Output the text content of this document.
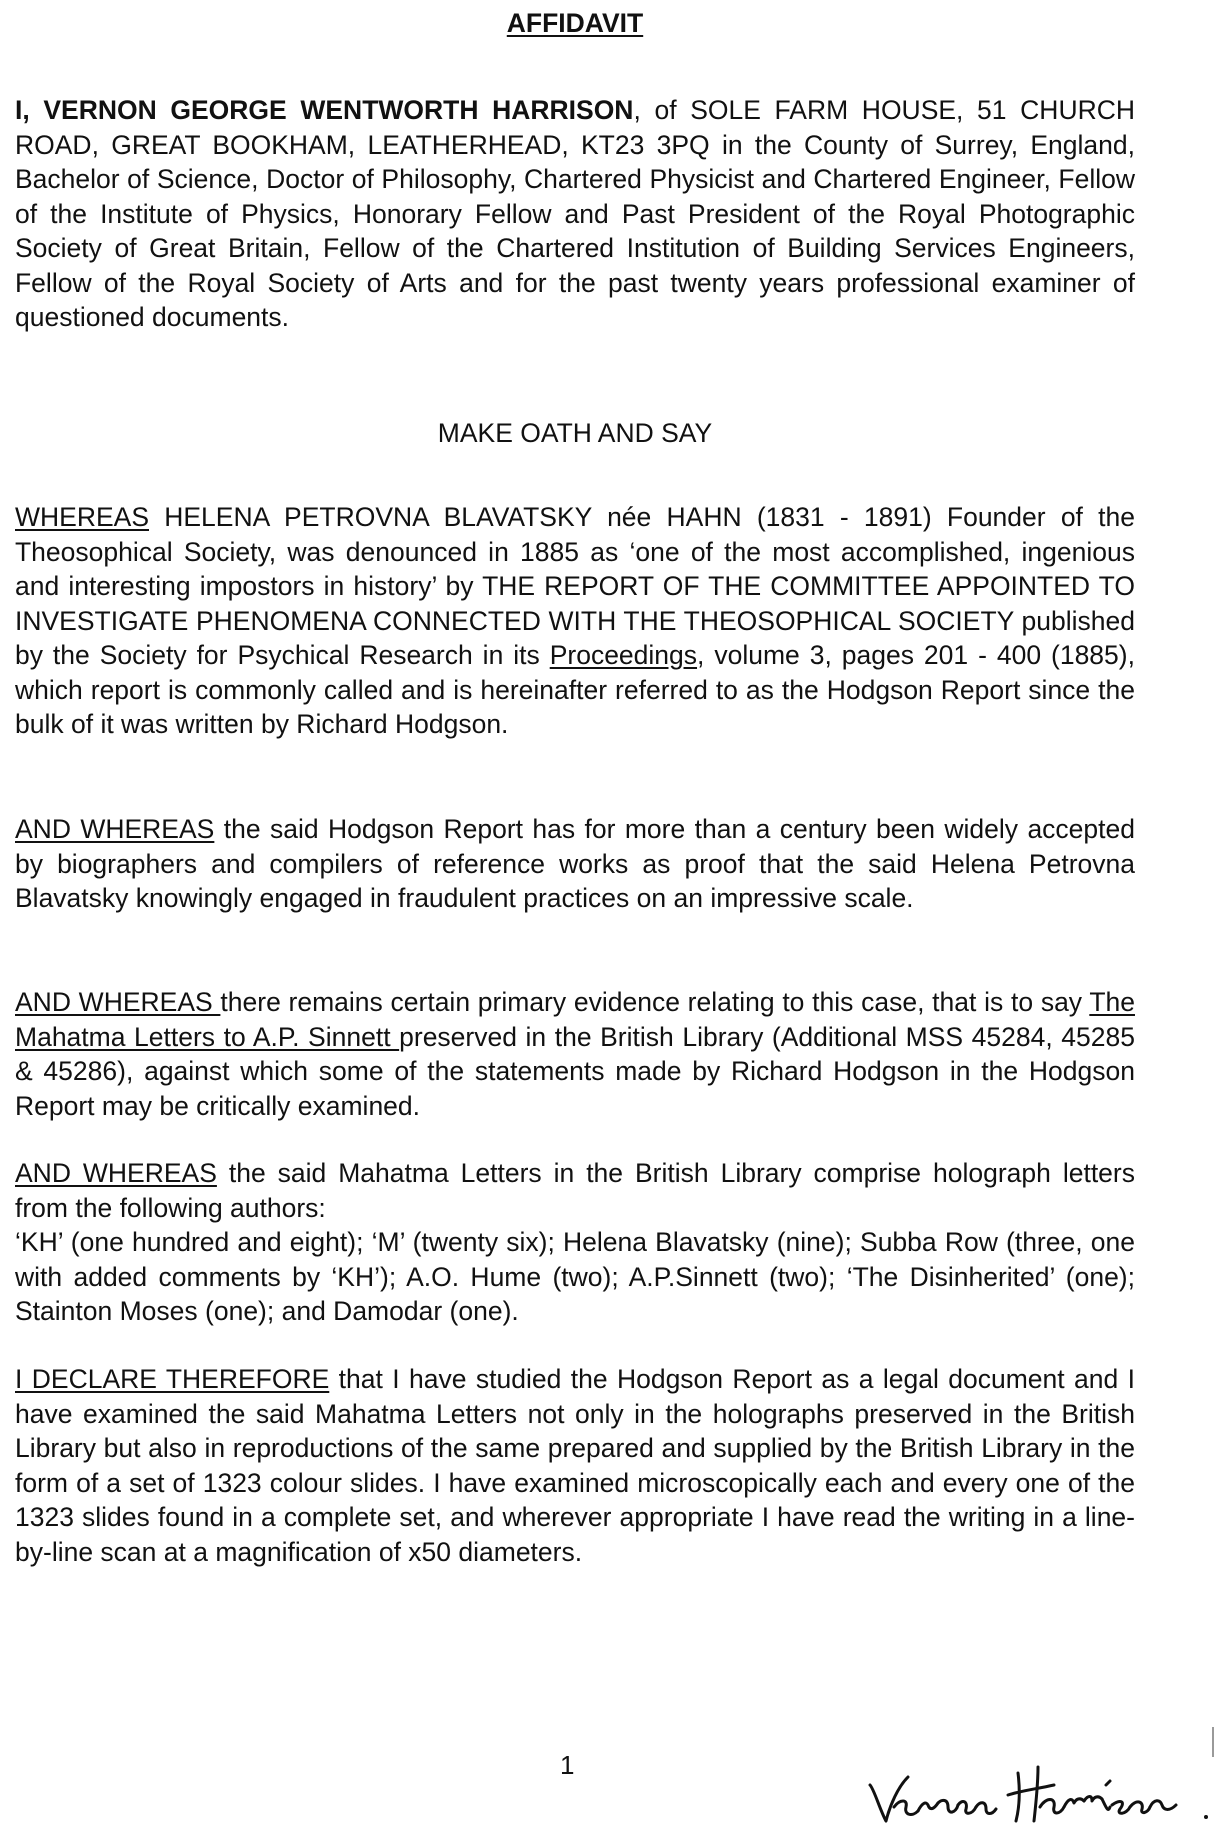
AFFIDAVIT
I, VERNON GEORGE WENTWORTH HARRISON, of SOLE FARM HOUSE, 51 CHURCH ROAD, GREAT BOOKHAM, LEATHERHEAD, KT23 3PQ in the County of Surrey, England, Bachelor of Science, Doctor of Philosophy, Chartered Physicist and Chartered Engineer, Fellow of the Institute of Physics, Honorary Fellow and Past President of the Royal Photographic Society of Great Britain, Fellow of the Chartered Institution of Building Services Engineers, Fellow of the Royal Society of Arts and for the past twenty years professional examiner of questioned documents.
MAKE OATH AND SAY
WHEREAS HELENA PETROVNA BLAVATSKY née HAHN (1831 - 1891) Founder of the Theosophical Society, was denounced in 1885 as ‘one of the most accomplished, ingenious and interesting impostors in history’ by THE REPORT OF THE COMMITTEE APPOINTED TO INVESTIGATE PHENOMENA CONNECTED WITH THE THEOSOPHICAL SOCIETY published by the Society for Psychical Research in its Proceedings, volume 3, pages 201 - 400 (1885), which report is commonly called and is hereinafter referred to as the Hodgson Report since the bulk of it was written by Richard Hodgson.
AND WHEREAS the said Hodgson Report has for more than a century been widely accepted by biographers and compilers of reference works as proof that the said Helena Petrovna Blavatsky knowingly engaged in fraudulent practices on an impressive scale.
AND WHEREAS there remains certain primary evidence relating to this case, that is to say The Mahatma Letters to A.P. Sinnett preserved in the British Library (Additional MSS 45284, 45285 & 45286), against which some of the statements made by Richard Hodgson in the Hodgson Report may be critically examined.
AND WHEREAS the said Mahatma Letters in the British Library comprise holograph letters from the following authors:
‘KH’ (one hundred and eight); ‘M’ (twenty six); Helena Blavatsky (nine); Subba Row (three, one with added comments by ‘KH’); A.O. Hume (two); A.P.Sinnett (two); ‘The Disinherited’ (one); Stainton Moses (one); and Damodar (one).
I DECLARE THEREFORE that I have studied the Hodgson Report as a legal document and I have examined the said Mahatma Letters not only in the holographs preserved in the British Library but also in reproductions of the same prepared and supplied by the British Library in the form of a set of 1323 colour slides. I have examined microscopically each and every one of the 1323 slides found in a complete set, and wherever appropriate I have read the writing in a line-by-line scan at a magnification of x50 diameters.
1
